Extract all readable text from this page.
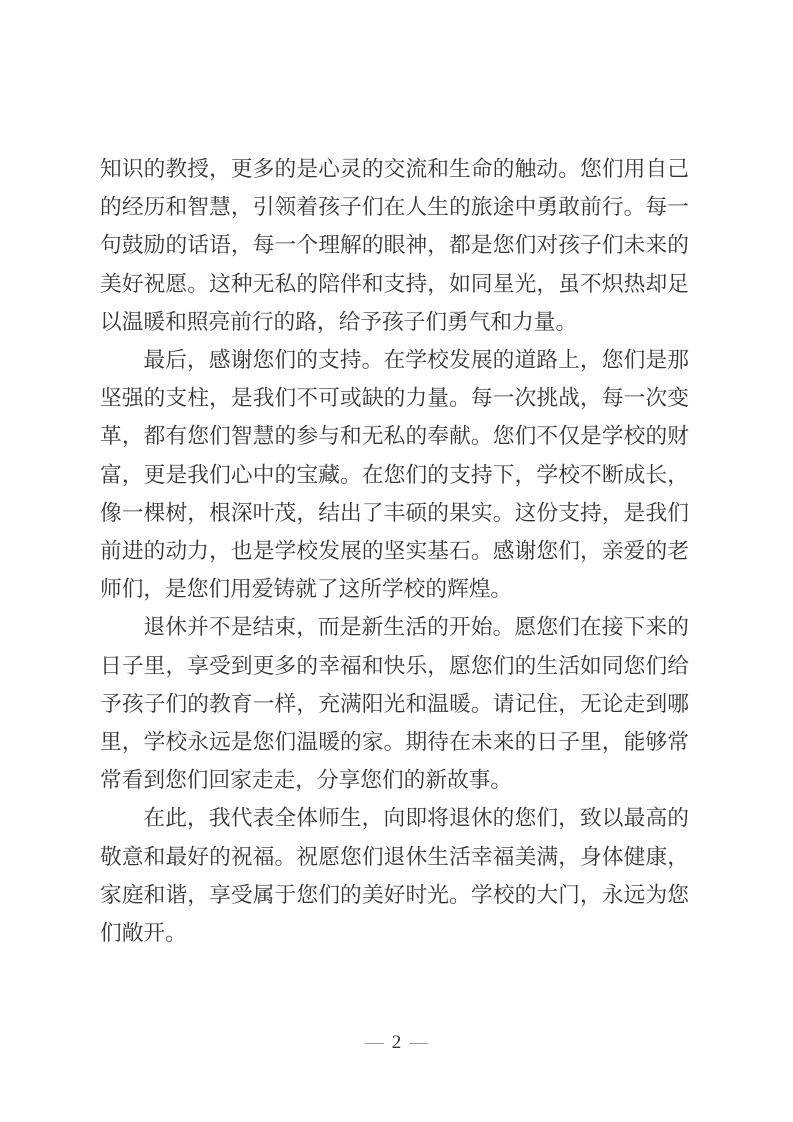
知识的教授，更多的是心灵的交流和生命的触动。您们用自己的经历和智慧，引领着孩子们在人生的旅途中勇敢前行。每一句鼓励的话语，每一个理解的眼神，都是您们对孩子们未来的美好祝愿。这种无私的陪伴和支持，如同星光，虽不炽热却足以温暖和照亮前行的路，给予孩子们勇气和力量。

最后，感谢您们的支持。在学校发展的道路上，您们是那坚强的支柱，是我们不可或缺的力量。每一次挑战，每一次变革，都有您们智慧的参与和无私的奉献。您们不仅是学校的财富，更是我们心中的宝藏。在您们的支持下，学校不断成长，像一棵树，根深叶茂，结出了丰硕的果实。这份支持，是我们前进的动力，也是学校发展的坚实基石。感谢您们，亲爱的老师们，是您们用爱铸就了这所学校的辉煌。

退休并不是结束，而是新生活的开始。愿您们在接下来的日子里，享受到更多的幸福和快乐，愿您们的生活如同您们给予孩子们的教育一样，充满阳光和温暖。请记住，无论走到哪里，学校永远是您们温暖的家。期待在未来的日子里，能够常常看到您们回家走走，分享您们的新故事。

在此，我代表全体师生，向即将退休的您们，致以最高的敬意和最好的祝福。祝愿您们退休生活幸福美满，身体健康，家庭和谐，享受属于您们的美好时光。学校的大门，永远为您们敞开。

— 2 —
